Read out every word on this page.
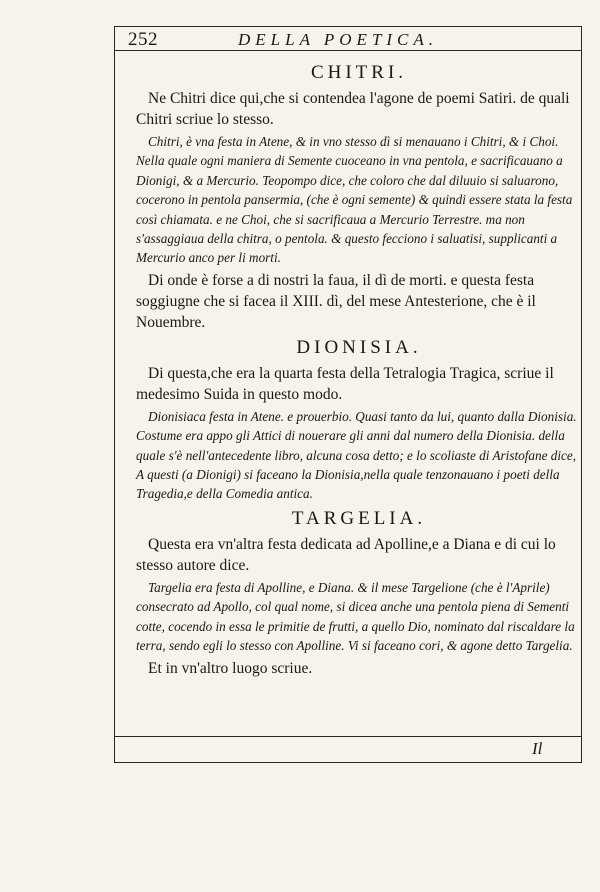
252	DELLA POETICA.
CHITRI.

Ne Chitri dice qui,che si contendea l'agone de poemi Satiri. de quali Chitri scriue lo stesso.

Chitri, è vna festa in Atene, & in vno stesso dì si menauano i Chitri, & i Choi. Nella quale ogni maniera di Semente cuoceano in vna pentola, e sacrificauano a Dionigi, & a Mercurio. Teopompo dice, che coloro che dal diluuio si saluarono, cocerono in pentola pansermia, (che è ogni semente) & quindi essere stata la festa così chiamata. e ne Choi, che si sacrificaua a Mercurio Terrestre. ma non s'assaggiaua della chitra, o pentola. & questo fecciono i saluatisi, supplicanti a Mercurio anco per li morti.

Di onde è forse a di nostri la faua, il dì de morti. e questa festa soggiugne che si facea il XIII. dì, del mese Antesterione, che è il Nouembre.

DIONISIA.

Di questa,che era la quarta festa della Tetralogia Tragica, scriue il medesimo Suida in questo modo.

Dionisiaca festa in Atene. e prouerbio. Quasi tanto da lui, quanto dalla Dionisia. Costume era appo gli Attici di nouerare gli anni dal numero della Dionisia. della quale s'è nell'antecedente libro, alcuna cosa detto; e lo scoliaste di Aristofane dice, A questi (a Dionigi) si faceano la Dionisia,nella quale tenzonauano i poeti della Tragedia,e della Comedia antica.

TARGELIA.

Questa era vn'altra festa dedicata ad Apolline,e a Diana e di cui lo stesso autore dice.

Targelia era festa di Apolline, e Diana. & il mese Targelione (che è l'Aprile) consecrato ad Apollo, col qual nome, si dicea anche una pentola piena di Sementi cotte, cocendo in essa le primitie de frutti, a quello Dio, nominato dal riscaldare la terra, sendo egli lo stesso con Apolline. Vi si faceano cori, & agone detto Targelia.

Et in vn'altro luogo scriue.

Il
